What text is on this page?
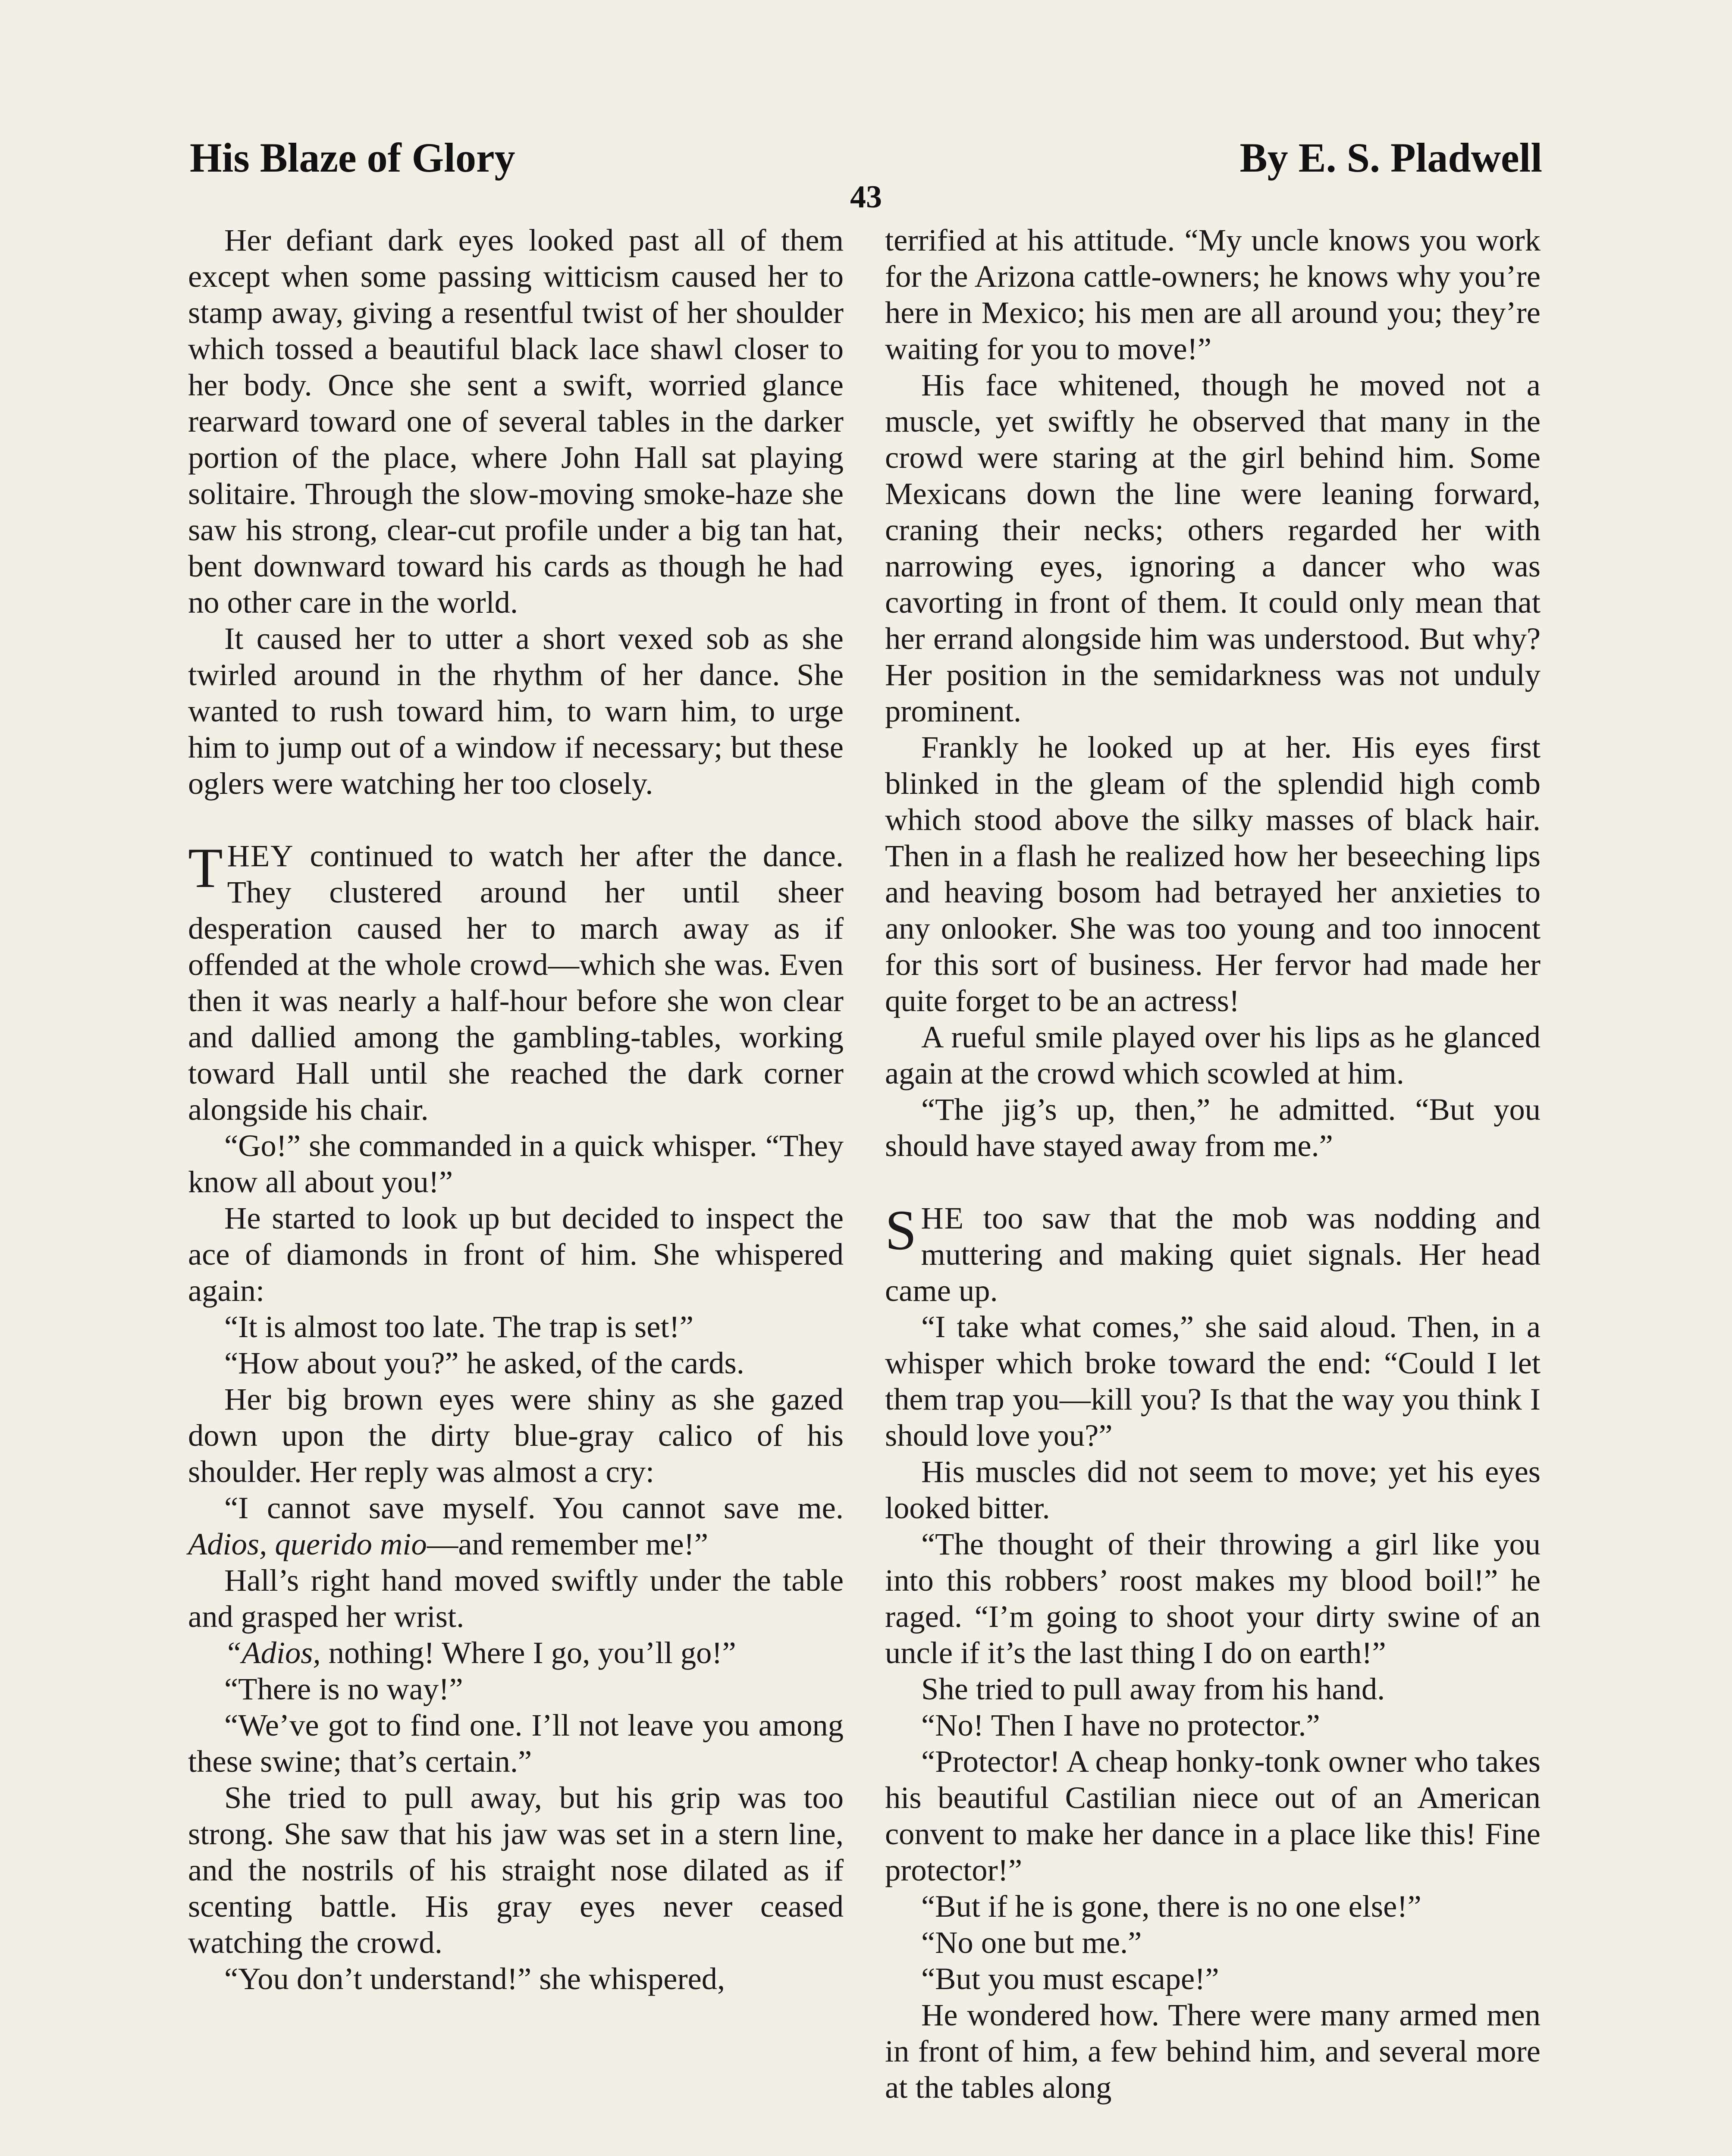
His Blaze of Glory	By E. S. Pladwell
43

Her defiant dark eyes looked past all of them except when some passing witticism caused her to stamp away, giving a resentful twist of her shoulder which tossed a beautiful black lace shawl closer to her body. Once she sent a swift, worried glance rearward toward one of several tables in the darker portion of the place, where John Hall sat playing solitaire. Through the slow-moving smoke-haze she saw his strong, clear-cut profile under a big tan hat, bent downward toward his cards as though he had no other care in the world.

It caused her to utter a short vexed sob as she twirled around in the rhythm of her dance. She wanted to rush toward him, to warn him, to urge him to jump out of a window if necessary; but these oglers were watching her too closely.

THEY continued to watch her after the dance. They clustered around her until sheer desperation caused her to march away as if offended at the whole crowd—which she was. Even then it was nearly a half-hour before she won clear and dallied among the gambling-tables, working toward Hall until she reached the dark corner alongside his chair.

“Go!” she commanded in a quick whisper. “They know all about you!”

He started to look up but decided to inspect the ace of diamonds in front of him. She whispered again:

“It is almost too late. The trap is set!”

“How about you?” he asked, of the cards.

Her big brown eyes were shiny as she gazed down upon the dirty blue-gray calico of his shoulder. Her reply was almost a cry:

“I cannot save myself. You cannot save me. Adios, querido mio—and remember me!”

Hall’s right hand moved swiftly under the table and grasped her wrist.

“Adios, nothing! Where I go, you’ll go!”

“There is no way!”

“We’ve got to find one. I’ll not leave you among these swine; that’s certain.”

She tried to pull away, but his grip was too strong. She saw that his jaw was set in a stern line, and the nostrils of his straight nose dilated as if scenting battle. His gray eyes never ceased watching the crowd.

“You don’t understand!” she whispered,

terrified at his attitude. “My uncle knows you work for the Arizona cattle-owners; he knows why you’re here in Mexico; his men are all around you; they’re waiting for you to move!”

His face whitened, though he moved not a muscle, yet swiftly he observed that many in the crowd were staring at the girl behind him. Some Mexicans down the line were leaning forward, craning their necks; others regarded her with narrowing eyes, ignoring a dancer who was cavorting in front of them. It could only mean that her errand alongside him was understood. But why? Her position in the semidarkness was not unduly prominent.

Frankly he looked up at her. His eyes first blinked in the gleam of the splendid high comb which stood above the silky masses of black hair. Then in a flash he realized how her beseeching lips and heaving bosom had betrayed her anxieties to any onlooker. She was too young and too innocent for this sort of business. Her fervor had made her quite forget to be an actress!

A rueful smile played over his lips as he glanced again at the crowd which scowled at him.

“The jig’s up, then,” he admitted. “But you should have stayed away from me.”

SHE too saw that the mob was nodding and muttering and making quiet signals. Her head came up.

“I take what comes,” she said aloud. Then, in a whisper which broke toward the end: “Could I let them trap you—kill you? Is that the way you think I should love you?”

His muscles did not seem to move; yet his eyes looked bitter.

“The thought of their throwing a girl like you into this robbers’ roost makes my blood boil!” he raged. “I’m going to shoot your dirty swine of an uncle if it’s the last thing I do on earth!”

She tried to pull away from his hand.

“No! Then I have no protector.”

“Protector! A cheap honky-tonk owner who takes his beautiful Castilian niece out of an American convent to make her dance in a place like this! Fine protector!”

“But if he is gone, there is no one else!”

“No one but me.”

“But you must escape!”

He wondered how. There were many armed men in front of him, a few behind him, and several more at the tables along
